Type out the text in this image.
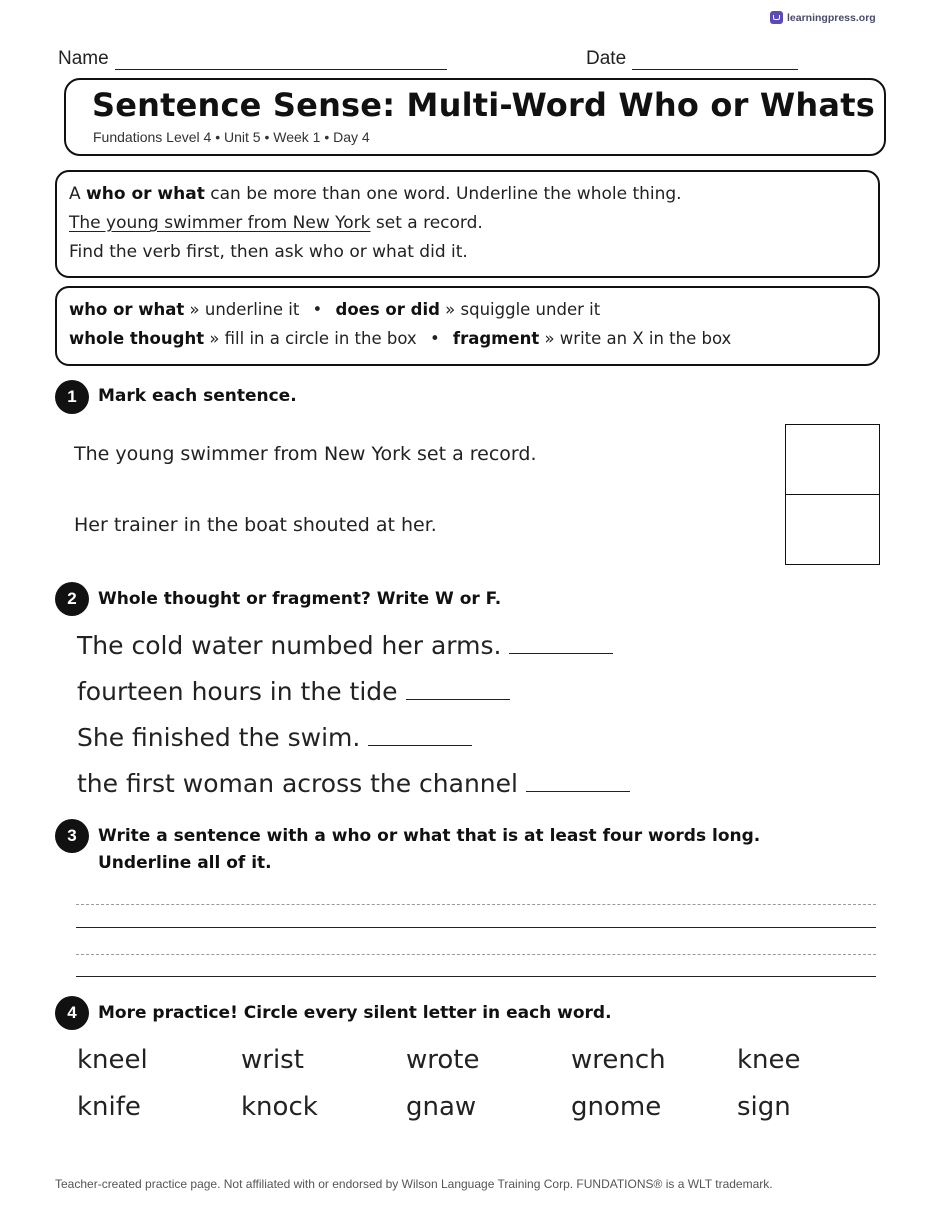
learningpress.org
Name	Date
Sentence Sense: Multi-Word Who or Whats
Fundations Level 4 • Unit 5 • Week 1 • Day 4
A who or what can be more than one word. Underline the whole thing.
The young swimmer from New York set a record.
Find the verb first, then ask who or what did it.
who or what » underline it • does or did » squiggle under it
whole thought » fill in a circle in the box • fragment » write an X in the box
1	Mark each sentence.
The young swimmer from New York set a record.
Her trainer in the boat shouted at her.
2	Whole thought or fragment? Write W or F.
The cold water numbed her arms.
fourteen hours in the tide
She finished the swim.
the first woman across the channel
3	Write a sentence with a who or what that is at least four words long.
Underline all of it.
4	More practice! Circle every silent letter in each word.
kneel	wrist	wrote	wrench	knee
knife	knock	gnaw	gnome	sign
Teacher-created practice page. Not affiliated with or endorsed by Wilson Language Training Corp. FUNDATIONS® is a WLT trademark.
